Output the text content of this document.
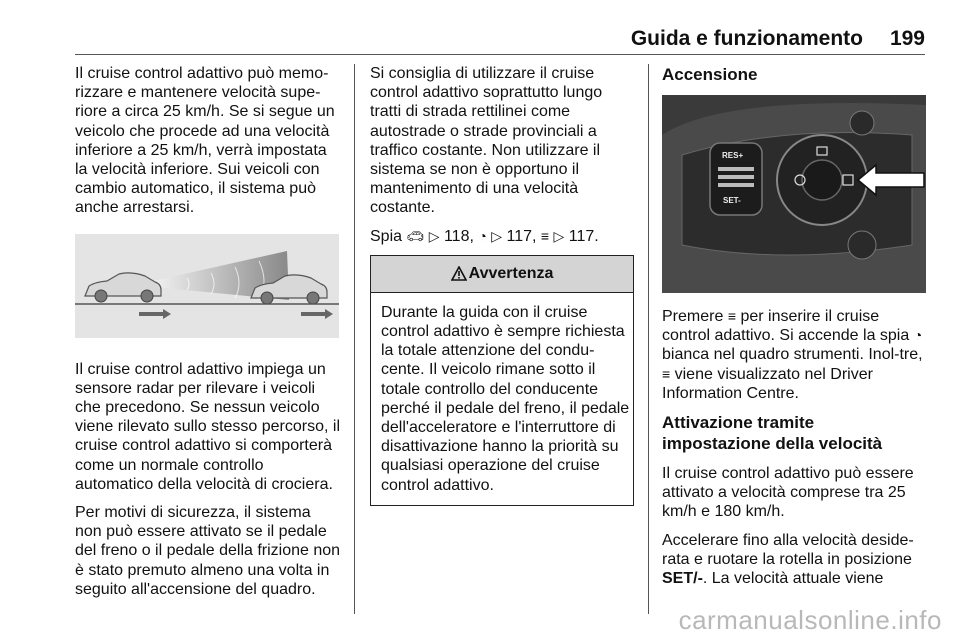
Guida e funzionamento 199

Il cruise control adattivo può memo-rizzare e mantenere velocità supe-riore a circa 25 km/h. Se si segue un veicolo che procede ad una velocità inferiore a 25 km/h, verrà impostata la velocità inferiore. Sui veicoli con cambio automatico, il sistema può anche arrestarsi.

Il cruise control adattivo impiega un sensore radar per rilevare i veicoli che precedono. Se nessun veicolo viene rilevato sullo stesso percorso, il cruise control adattivo si comporterà come un normale controllo automatico della velocità di crociera.

Per motivi di sicurezza, il sistema non può essere attivato se il pedale del freno o il pedale della frizione non è stato premuto almeno una volta in seguito all'accensione del quadro.

Si consiglia di utilizzare il cruise control adattivo soprattutto lungo tratti di strada rettilinei come autostrade o strade provinciali a traffico costante. Non utilizzare il sistema se non è opportuno il mantenimento di una velocità costante.

Spia 🚗︎ ▷ 118, ◔ ▷ 117, ≡ ▷ 117.

Avvertenza
Durante la guida con il cruise control adattivo è sempre richiesta la totale attenzione del condu-cente. Il veicolo rimane sotto il totale controllo del conducente perché il pedale del freno, il pedale dell'acceleratore e l'interruttore di disattivazione hanno la priorità su qualsiasi operazione del cruise control adattivo.
Accensione
RES+
SET-

Premere ≡ per inserire il cruise control adattivo. Si accende la spia ◔ bianca nel quadro strumenti. Inol-tre, ≡ viene visualizzato nel Driver Information Centre.

Attivazione tramite impostazione della velocità

Il cruise control adattivo può essere attivato a velocità comprese tra 25 km/h e 180 km/h.

Accelerare fino alla velocità deside-rata e ruotare la rotella in posizione SET/-. La velocità attuale viene

carmanualsonline.info
